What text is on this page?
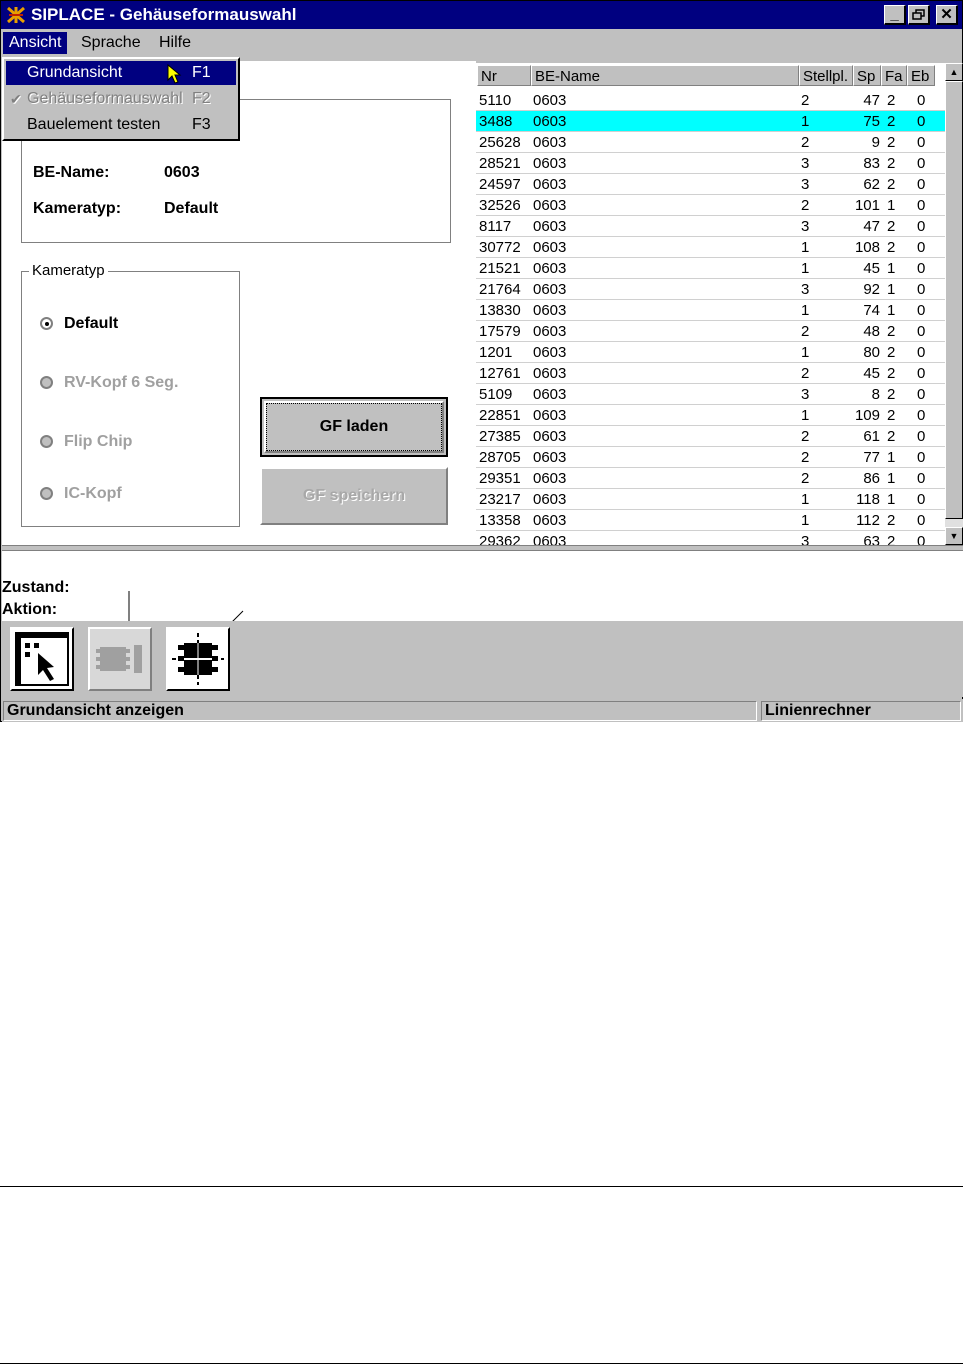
SIPLACE - Gehäuseformauswahl	_	✕
Ansicht	Sprache	Hilfe
BE-Name:	0603
Kameratyp:	Default
Kameratyp
Default
RV-Kopf 6 Seg.
Flip Chip
IC-Kopf
GF laden
GF speichern
Nr	BE-Name	Stellpl. Sp Fa Eb
5110	0603	2	47 2	0
3488	0603	1	75 2	0
25628 0603	2	9 2	0
28521 0603	3	83 2	0
24597 0603	3	62 2	0
32526 0603	2	101 1	0
8117	0603	3	47 2	0
30772 0603	1	108 2	0
21521 0603	1	45 1	0
21764 0603	3	92 1	0
13830 0603	1	74 1	0
17579 0603	2	48 2	0
1201	0603	1	80 2	0
12761 0603	2	45 2	0
5109	0603	3	8 2	0
22851 0603	1	109 2	0
27385 0603	2	61 2	0
28705 0603	2	77 1	0
29351 0603	2	86 1	0
23217 0603	1	118 1	0
13358 0603	1	112 2	0
29362 0603	3	63 2	0
▲
▼
Zustand:
Aktion:
Grundansicht anzeigen	Linienrechner
Grundansicht	F1
✔ Gehäuseformauswahl F2
Bauelement testen F3
